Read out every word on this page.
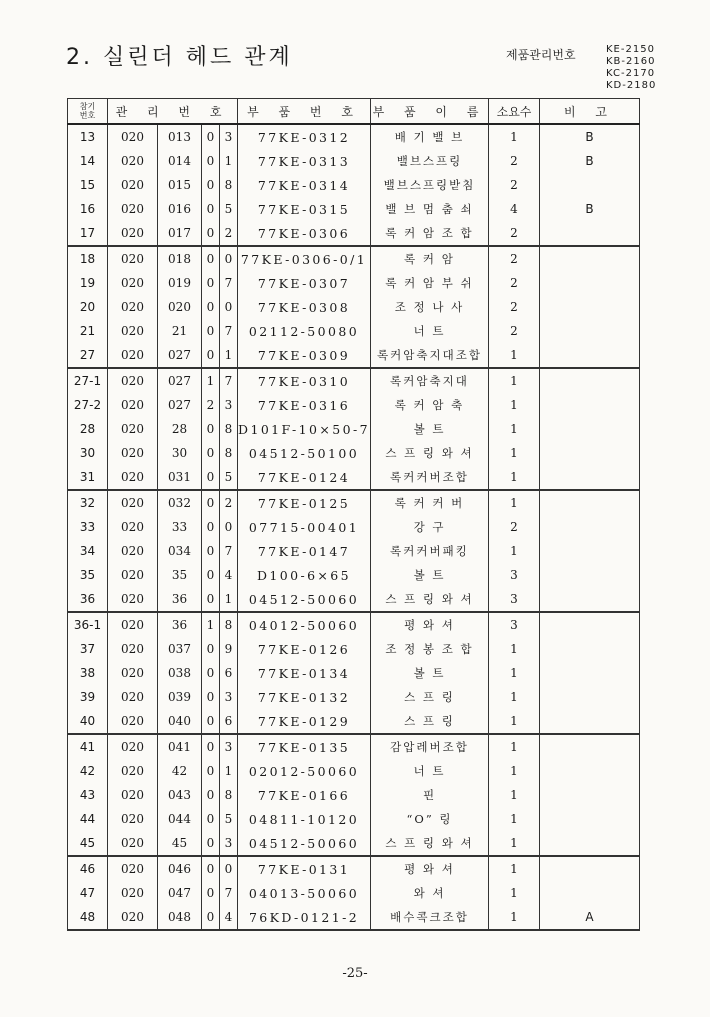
2. 실린더 헤드 관계	제품관리번호	KE-2150
KB-2160
KC-2170
KD-2180
참기
번호	관 리 번 호				부 품 번 호	부 품 이 름	소요수	비 고
13	020	013	0	3	77KE-0312	배 기 밸 브	1	B
14	020	014	0	1	77KE-0313	밸브스프링	2	B
15	020	015	0	8	77KE-0314	밸브스프링받침	2	
16	020	016	0	5	77KE-0315	밸 브 멈 춤 쇠	4	B
17	020	017	0	2	77KE-0306	록 커 암 조 합	2	
18	020	018	0	0	77KE-0306-0/1	록 커 암	2	
19	020	019	0	7	77KE-0307	록 커 암 부 쉬	2	
20	020	020	0	0	77KE-0308	조 정 나 사	2	
21	020	21	0	7	02112-50080	너 트	2	
27	020	027	0	1	77KE-0309	록커암축지대조합	1	
27-1	020	027	1	7	77KE-0310	록커암축지대	1	
27-2	020	027	2	3	77KE-0316	록 커 암 축	1	
28	020	28	0	8	D101F-10×50-7	볼 트	1	
30	020	30	0	8	04512-50100	스 프 링 와 셔	1	
31	020	031	0	5	77KE-0124	록커커버조합	1	
32	020	032	0	2	77KE-0125	록 커 커 버	1	
33	020	33	0	0	07715-00401	강 구	2	
34	020	034	0	7	77KE-0147	록커커버패킹	1	
35	020	35	0	4	D100-6×65	볼 트	3	
36	020	36	0	1	04512-50060	스 프 링 와 셔	3	
36-1	020	36	1	8	04012-50060	평 와 셔	3	
37	020	037	0	9	77KE-0126	조 정 봉 조 합	1	
38	020	038	0	6	77KE-0134	볼 트	1	
39	020	039	0	3	77KE-0132	스 프 링	1	
40	020	040	0	6	77KE-0129	스 프 링	1	
41	020	041	0	3	77KE-0135	감압레버조합	1	
42	020	42	0	1	02012-50060	너 트	1	
43	020	043	0	8	77KE-0166	핀	1	
44	020	044	0	5	04811-10120	“O” 링	1	
45	020	45	0	3	04512-50060	스 프 링 와 셔	1	
46	020	046	0	0	77KE-0131	평 와 셔	1	
47	020	047	0	7	04013-50060	와 셔	1	
48	020	048	0	4	76KD-0121-2	배수콕크조합	1	A
-25-
